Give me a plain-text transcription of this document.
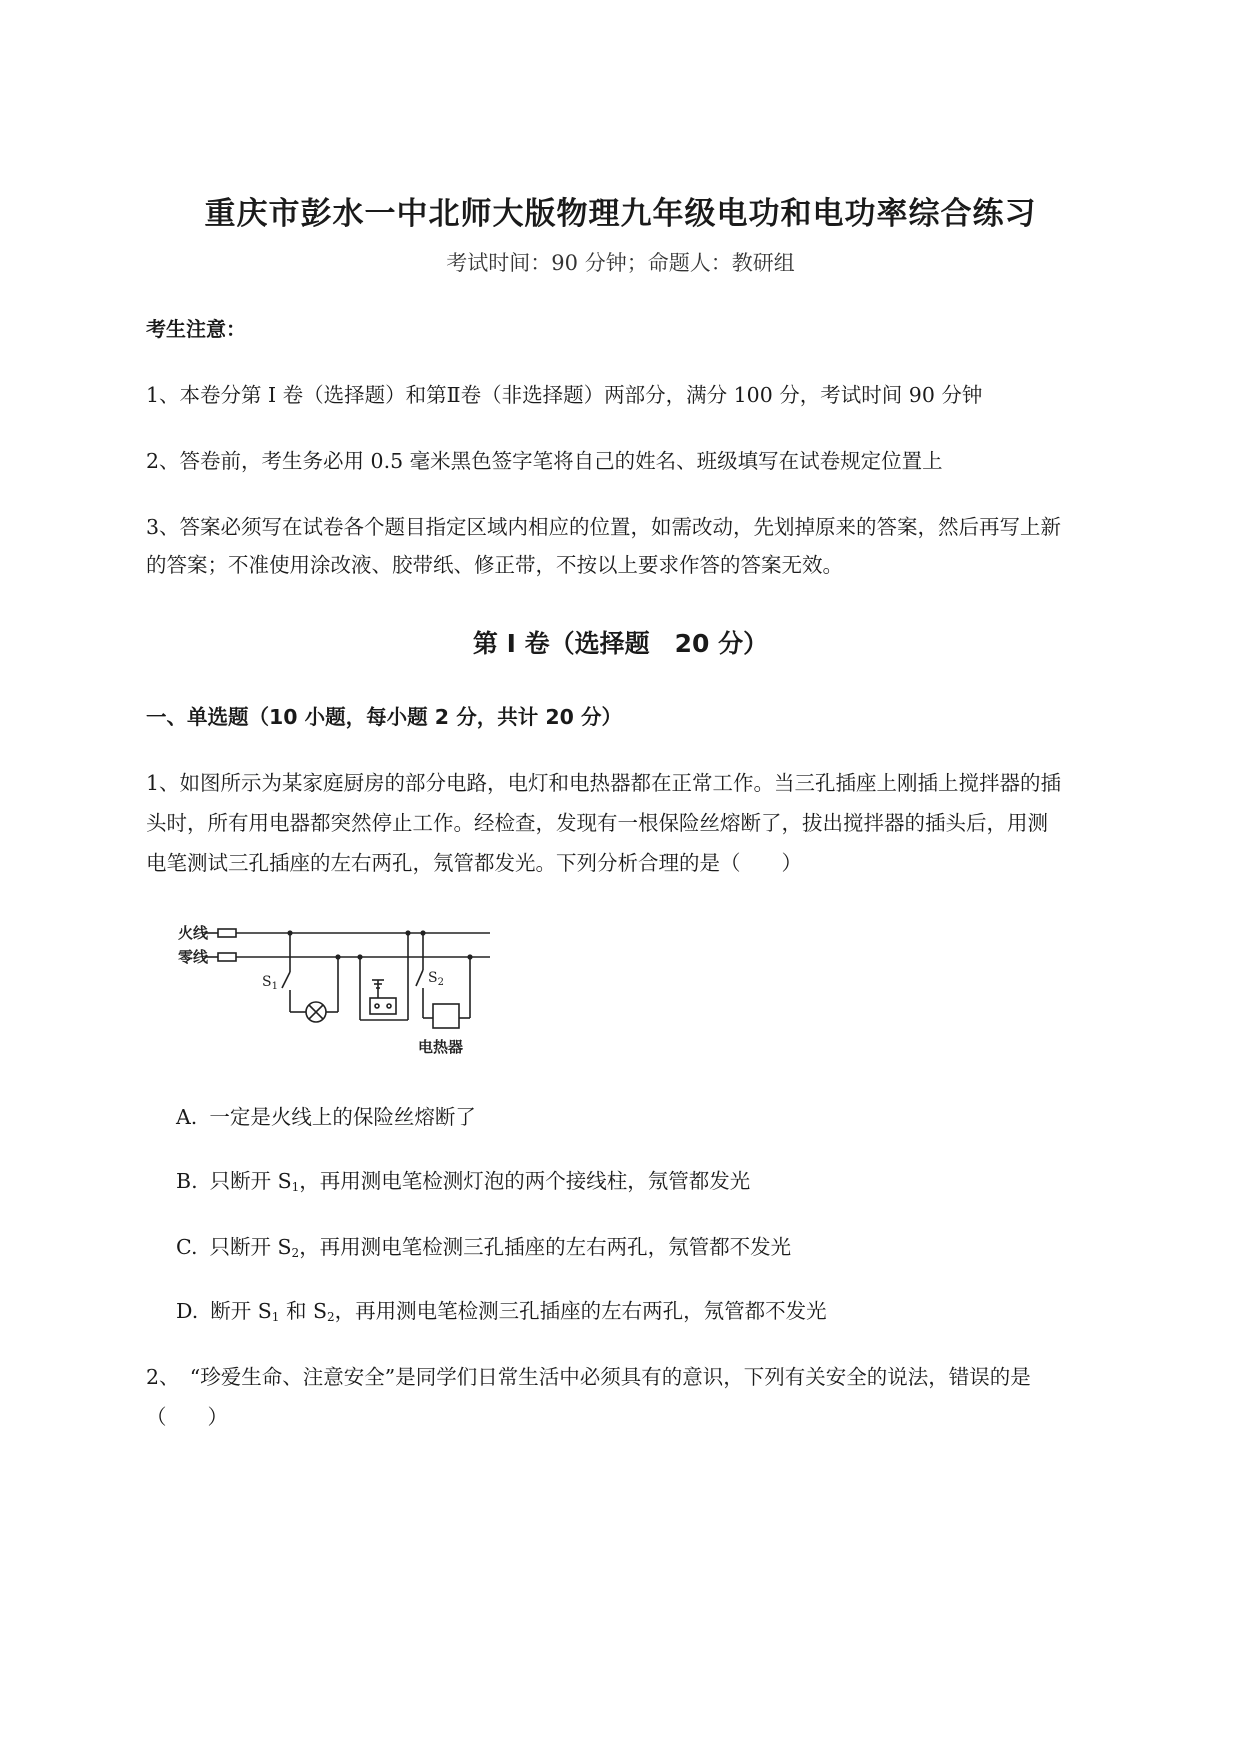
重庆市彭水一中北师大版物理九年级电功和电功率综合练习
考试时间：90 分钟；命题人：教研组
考生注意：
1、本卷分第 I 卷（选择题）和第Ⅱ卷（非选择题）两部分，满分 100 分，考试时间 90 分钟
2、答卷前，考生务必用 0.5 毫米黑色签字笔将自己的姓名、班级填写在试卷规定位置上
3、答案必须写在试卷各个题目指定区域内相应的位置，如需改动，先划掉原来的答案，然后再写上新
的答案；不准使用涂改液、胶带纸、修正带，不按以上要求作答的答案无效。
第 I 卷（选择题　20 分）
一、单选题（10 小题，每小题 2 分，共计 20 分）
1、如图所示为某家庭厨房的部分电路，电灯和电热器都在正常工作。当三孔插座上刚插上搅拌器的插
头时，所有用电器都突然停止工作。经检查，发现有一根保险丝熔断了，拔出搅拌器的插头后，用测
电笔测试三孔插座的左右两孔，氖管都发光。下列分析合理的是（　　）
火线
零线
$S_1$
$S_2$
电热器
A. 一定是火线上的保险丝熔断了
B. 只断开 $S_1$，再用测电笔检测灯泡的两个接线柱，氖管都发光
C. 只断开 $S_2$，再用测电笔检测三孔插座的左右两孔，氖管都不发光
D. 断开 $S_1$ 和 $S_2$，再用测电笔检测三孔插座的左右两孔，氖管都不发光
2、　“珍爱生命、注意安全”是同学们日常生活中必须具有的意识，下列有关安全的说法，错误的是
（　　）
